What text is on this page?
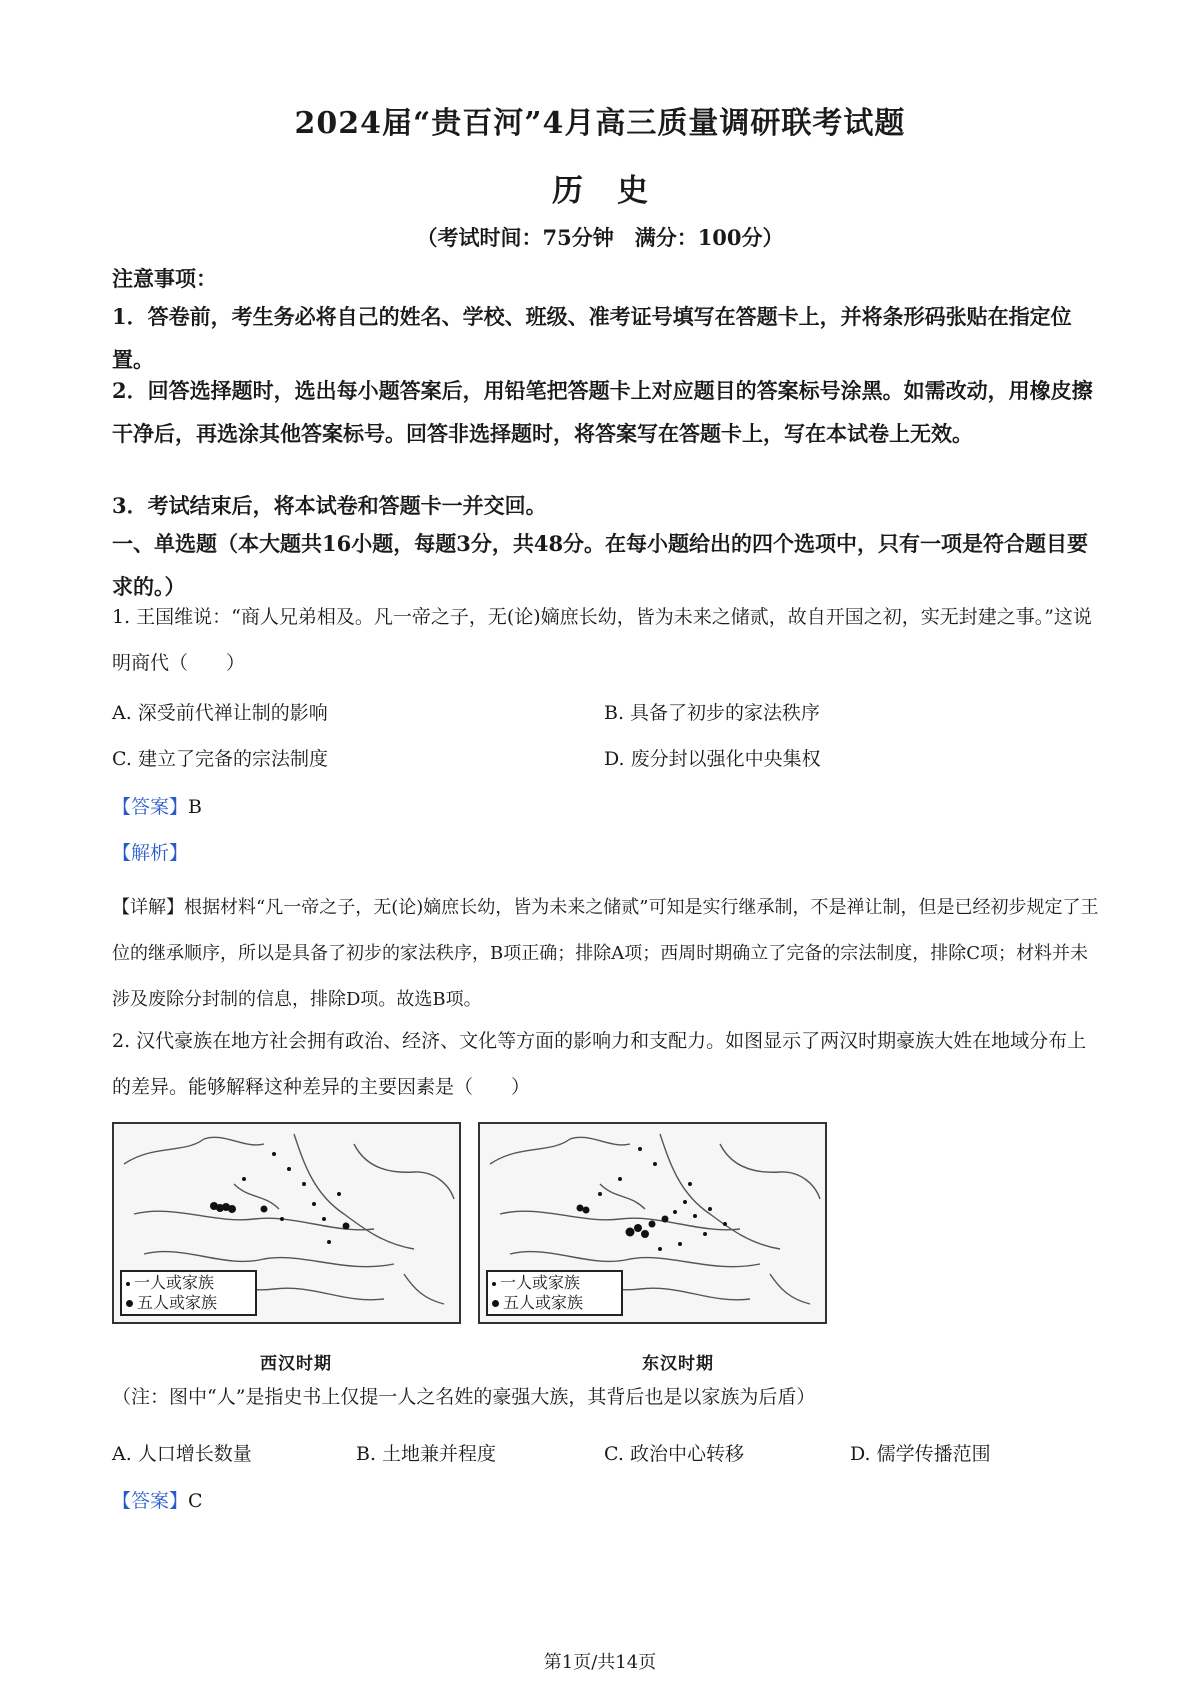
2024届“贵百河”4月高三质量调研联考试题
历史
（考试时间：75分钟　满分：100分）
注意事项：
1．答卷前，考生务必将自己的姓名、学校、班级、准考证号填写在答题卡上，并将条形码张贴在指定位置。
2．回答选择题时，选出每小题答案后，用铅笔把答题卡上对应题目的答案标号涂黑。如需改动，用橡皮擦干净后，再选涂其他答案标号。回答非选择题时，将答案写在答题卡上，写在本试卷上无效。
3．考试结束后，将本试卷和答题卡一并交回。
一、单选题（本大题共16小题，每题3分，共48分。在每小题给出的四个选项中，只有一项是符合题目要求的。）
1. 王国维说：“商人兄弟相及。凡一帝之子，无(论)嫡庶长幼，皆为未来之储贰，故自开国之初，实无封建之事。”这说明商代（　　）
A. 深受前代禅让制的影响	B. 具备了初步的家法秩序
C. 建立了完备的宗法制度	D. 废分封以强化中央集权
【答案】B
【解析】
【详解】根据材料“凡一帝之子，无(论)嫡庶长幼，皆为未来之储贰”可知是实行继承制，不是禅让制，但是已经初步规定了王位的继承顺序，所以是具备了初步的家法秩序，B项正确；排除A项；西周时期确立了完备的宗法制度，排除C项；材料并未涉及废除分封制的信息，排除D项。故选B项。
2. 汉代豪族在地方社会拥有政治、经济、文化等方面的影响力和支配力。如图显示了两汉时期豪族大姓在地域分布上的差异。能够解释这种差异的主要因素是（　　）
一人或家族
五人或家族
一人或家族
五人或家族
西汉时期	东汉时期
（注：图中“人”是指史书上仅提一人之名姓的豪强大族，其背后也是以家族为后盾）
A. 人口增长数量	B. 土地兼并程度	C. 政治中心转移	D. 儒学传播范围
【答案】C
第1页/共14页
